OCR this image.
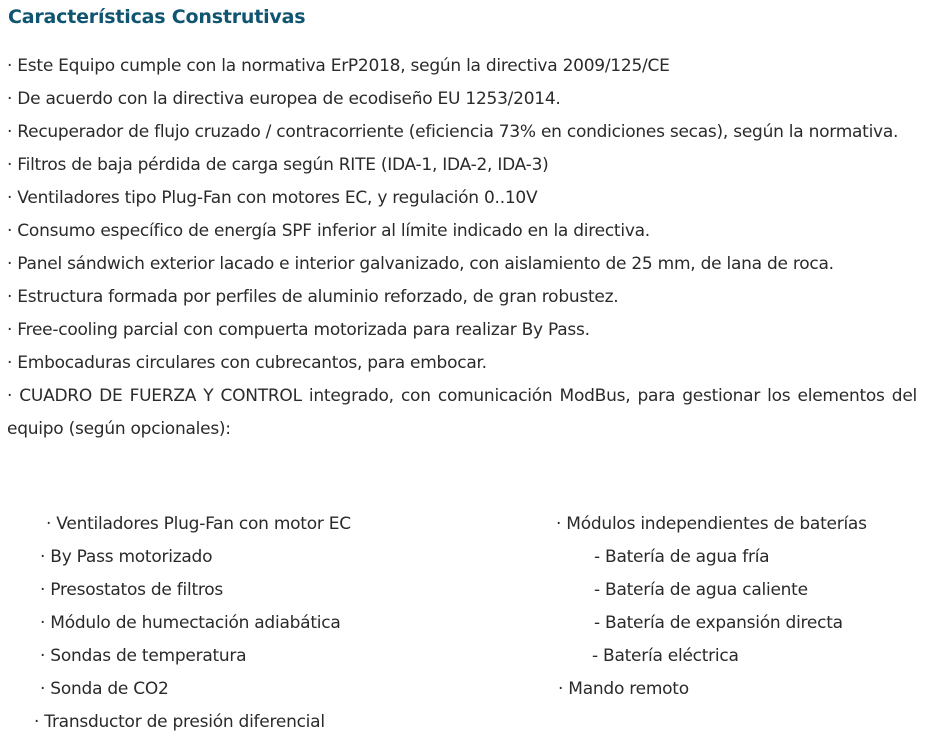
Características Construtivas

· Este Equipo cumple con la normativa ErP2018, según la directiva 2009/125/CE

· De acuerdo con la directiva europea de ecodiseño EU 1253/2014.

· Recuperador de flujo cruzado / contracorriente (eficiencia 73% en condiciones secas), según la normativa.

· Filtros de baja pérdida de carga según RITE (IDA-1, IDA-2, IDA-3)

· Ventiladores tipo Plug-Fan con motores EC, y regulación 0..10V

· Consumo específico de energía SPF inferior al límite indicado en la directiva.

· Panel sándwich exterior lacado e interior galvanizado, con aislamiento de 25 mm, de lana de roca.

· Estructura formada por perfiles de aluminio reforzado, de gran robustez.

· Free-cooling parcial con compuerta motorizada para realizar By Pass.

· Embocaduras circulares con cubrecantos, para embocar.

· CUADRO DE FUERZA Y CONTROL integrado, con comunicación ModBus, para gestionar los elementos del equipo (según opcionales):

· Ventiladores Plug-Fan con motor EC
· By Pass motorizado
· Presostatos de filtros
· Módulo de humectación adiabática
· Sondas de temperatura
· Sonda de CO2
· Transductor de presión diferencial
· Módulos independientes de baterías
- Batería de agua fría
- Batería de agua caliente
- Batería de expansión directa
- Batería eléctrica
· Mando remoto
